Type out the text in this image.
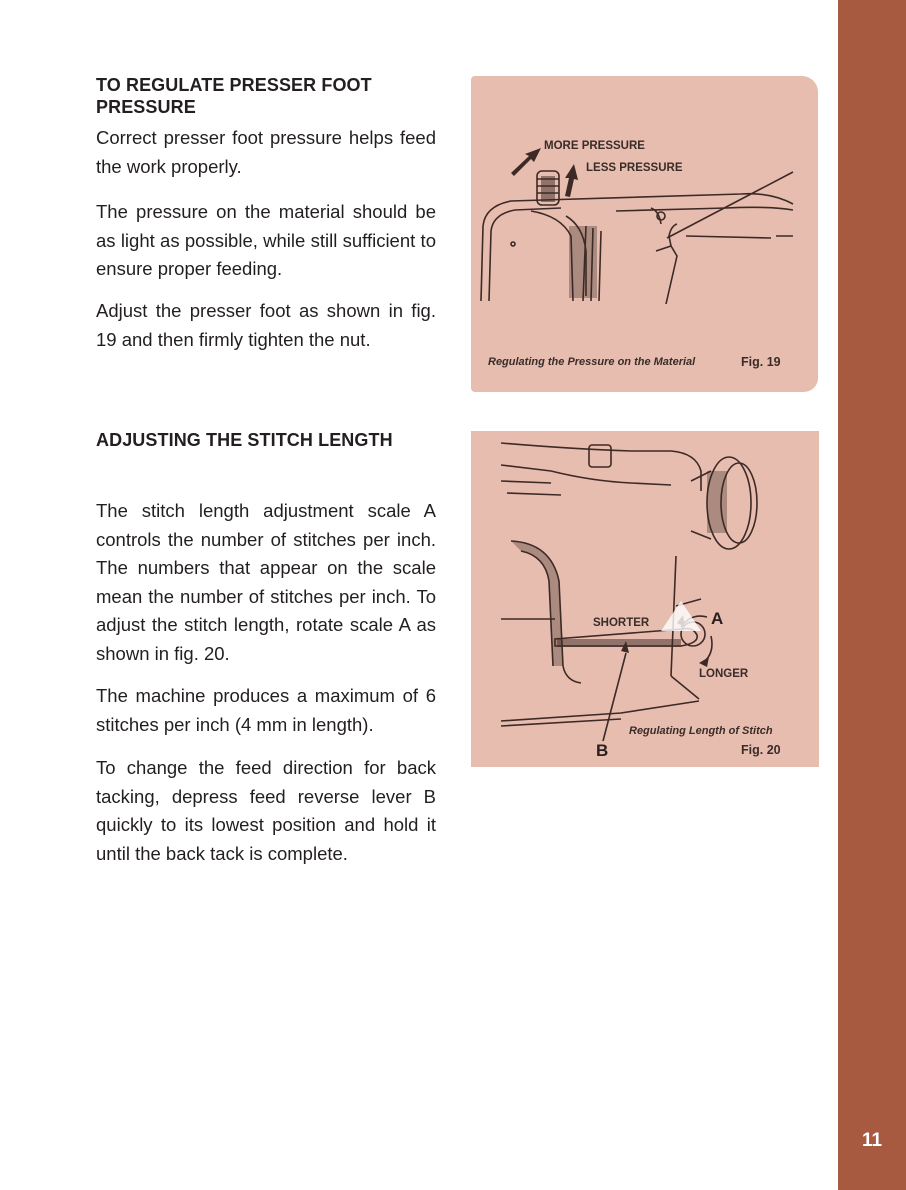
11
TO REGULATE PRESSER FOOT PRESSURE

Correct presser foot pressure helps feed the work properly.

The pressure on the material should be as light as possible, while still sufficient to ensure proper feeding.

Adjust the presser foot as shown in fig. 19 and then firmly tighten the nut.

ADJUSTING THE STITCH LENGTH

The stitch length adjustment scale A controls the number of stitches per inch. The numbers that appear on the scale mean the number of stitches per inch. To adjust the stitch length, rotate scale A as shown in fig. 20.

The machine produces a maximum of 6 stitches per inch (4 mm in length).

To change the feed direction for back tacking, depress feed reverse lever B quickly to its lowest position and hold it until the back tack is complete.

MORE PRESSURE
LESS PRESSURE
Regulating the Pressure on the Material	Fig. 19
SHORTER
LONGER
A
B
Regulating Length of Stitch
Fig. 20
